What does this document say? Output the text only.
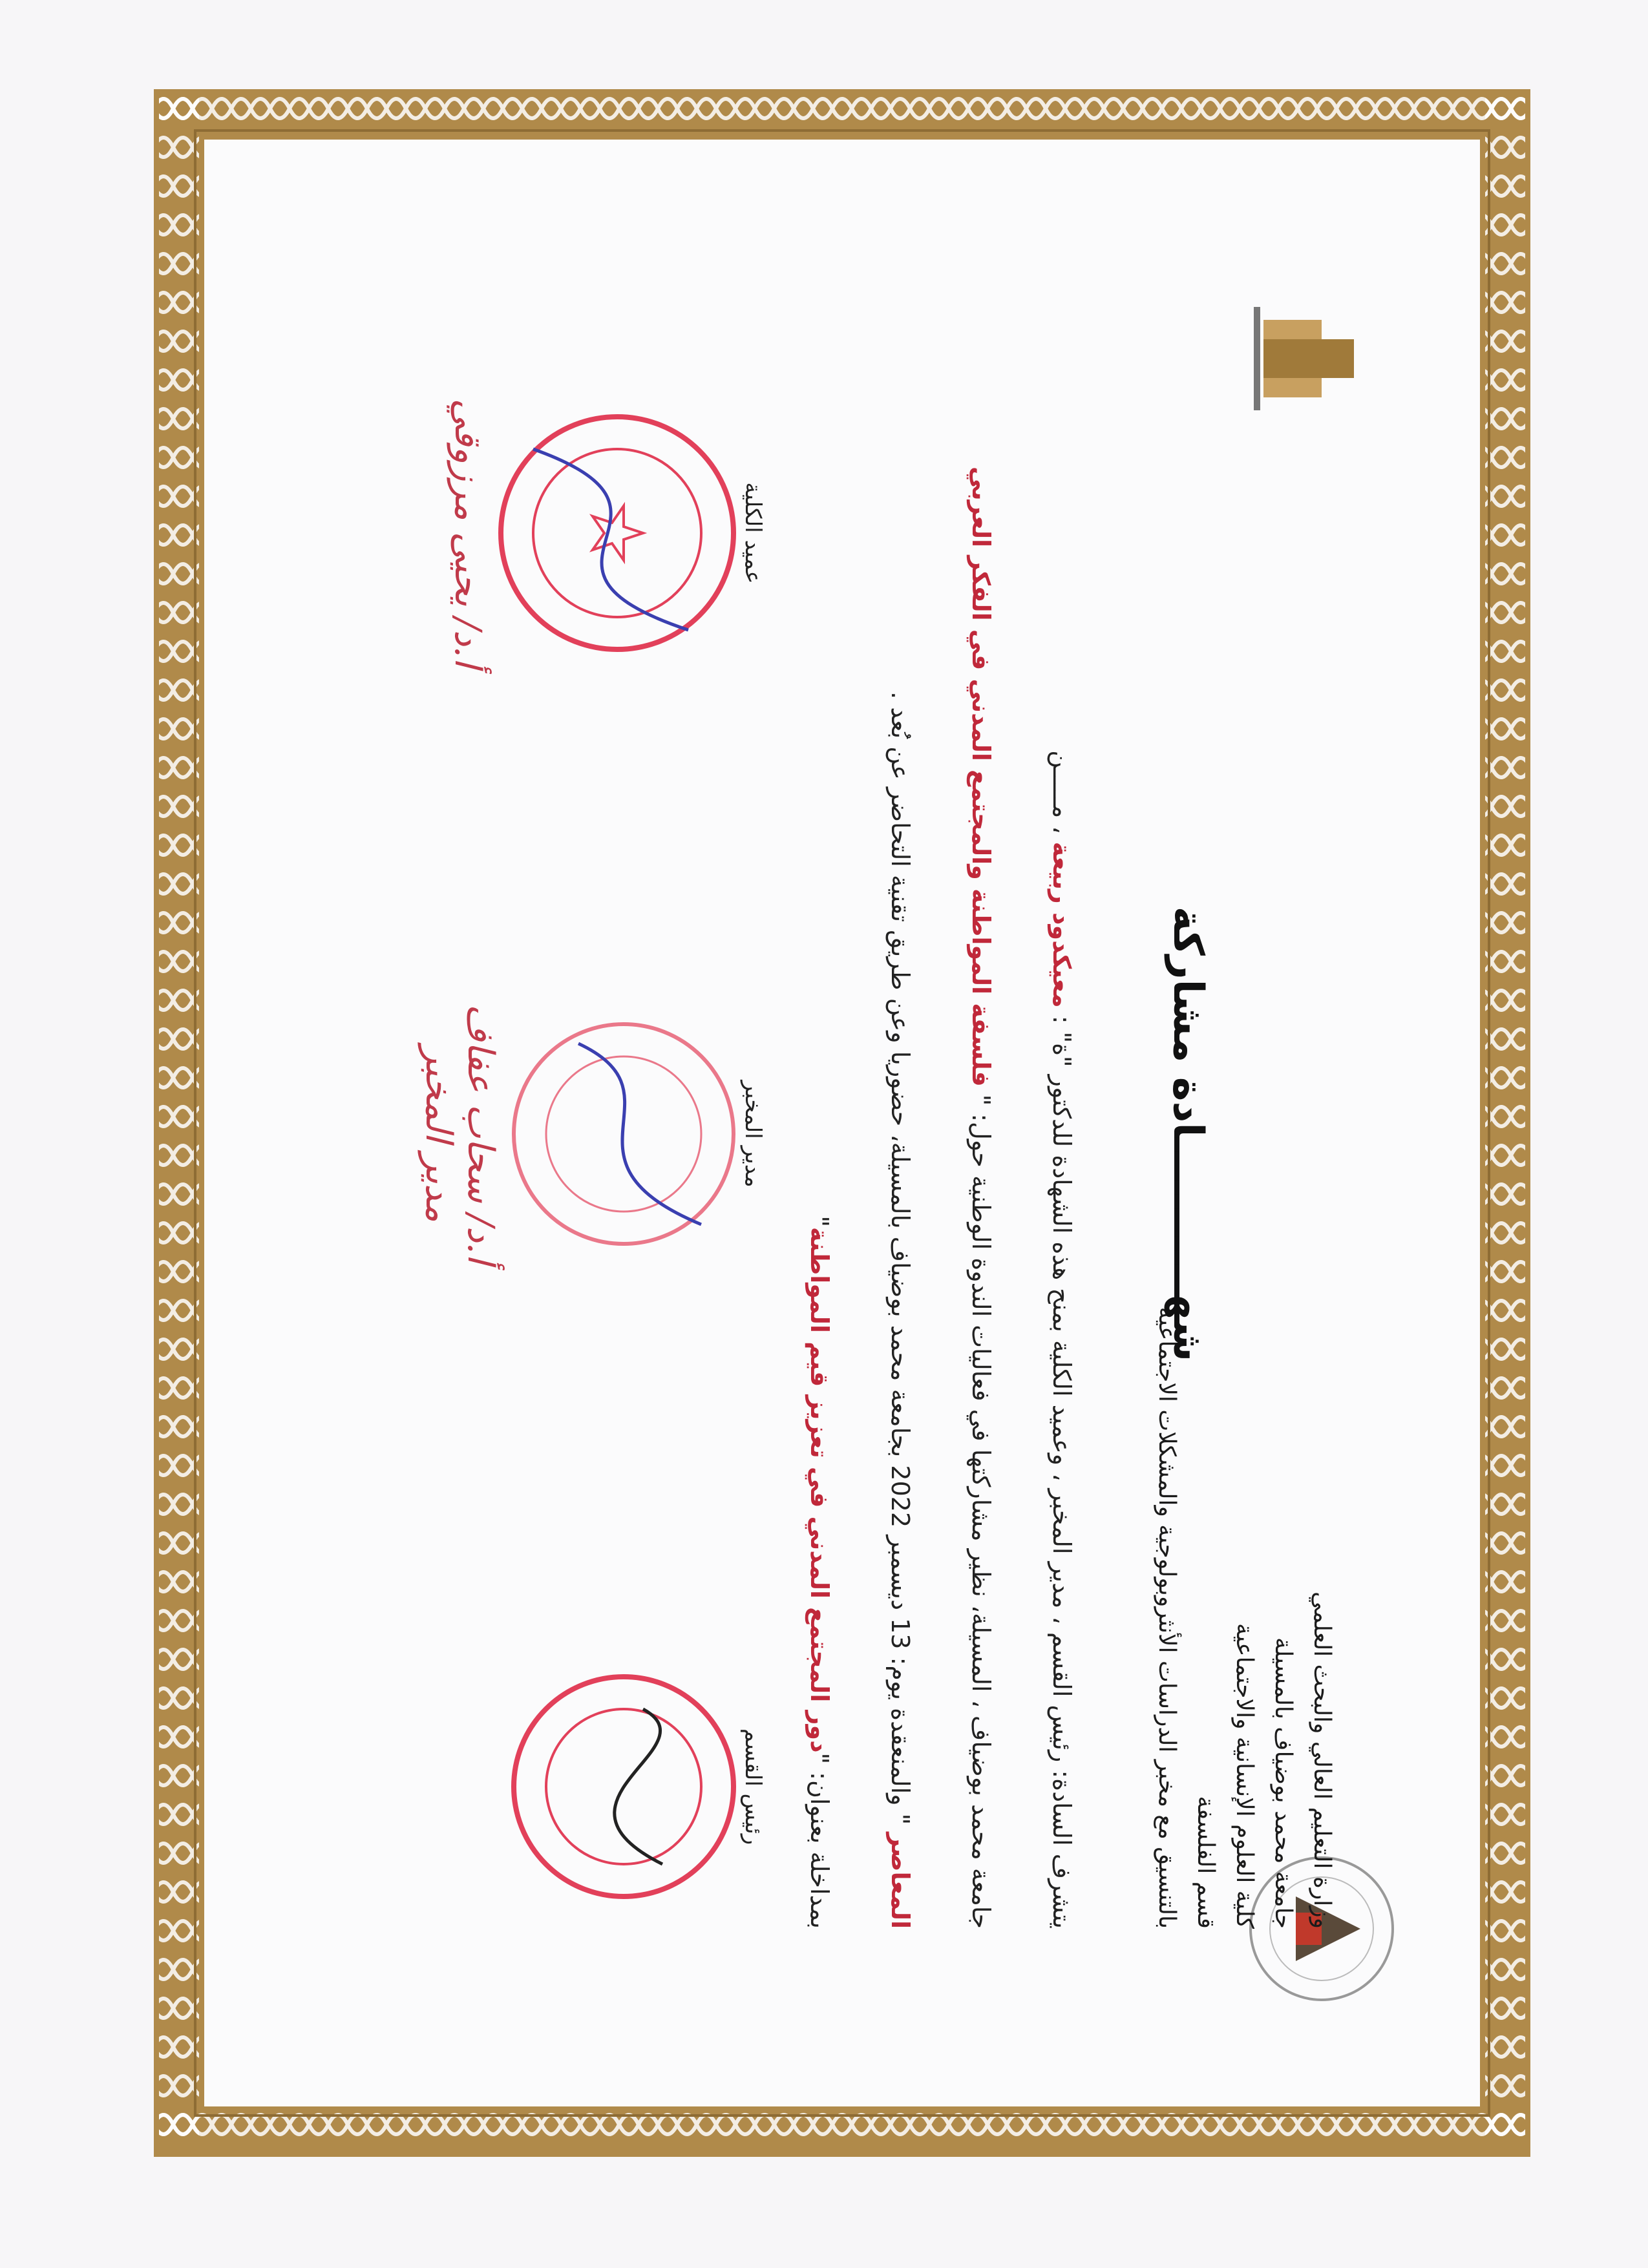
وزارة التعليم العالي والبحث العلمي
جامعة محمد بوضياف بالمسيلة
كلية العلوم الإنسانية والاجتماعية
قسم الفلسفة
بالتنسيق مع مخبر الدراسات الأنثروبولوجية والمشكلات الاجتماعية
شهـــــــــــادة مشاركة
يتشرف السادة: رئيس القسم ، مدير المخبر ، وعميد الكلية بمنح هذه الشهادة للدكتور "ة" : معيكدود ربيعة ، مـــــن
جامعة محمد بوضياف ، المسيلة، نظير مشاركتها في فعاليات الندوة الوطنية حول: " فلسفة المواطنة والمجتمع المدني في الفكر العربي
المعاصر " والمنعقدة يوم: 13 ديسمبر 2022 بجامعة محمد بوضياف بالمسيلة، حضوريا وعن طريق تقنية التحاضر عن بُعد .
بمداخلة بعنوان: "دور المجتمع المدني في تعزيز قيم المواطنة"
رئيس القسم
مدير المخبر
أ.د/ سحاب عفاف
مدير المخبر
عميد الكلية
أ.د/ يحيى مرزوقي
